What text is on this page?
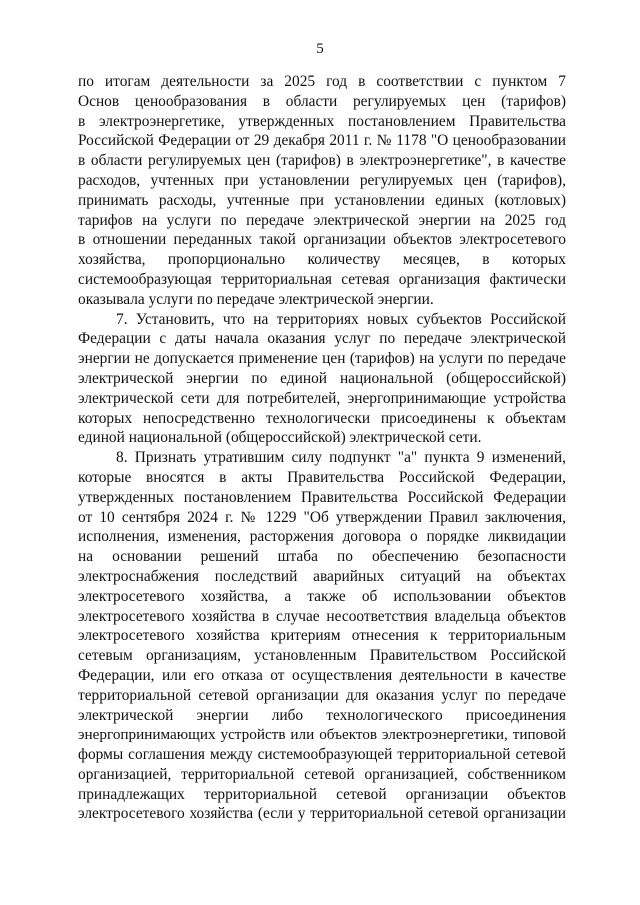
5
по итогам деятельности за 2025 год в соответствии с пунктом 7
Основ ценообразования в области регулируемых цен (тарифов)
в электроэнергетике, утвержденных постановлением Правительства
Российской Федерации от 29 декабря 2011 г. № 1178 "О ценообразовании
в области регулируемых цен (тарифов) в электроэнергетике", в качестве
расходов, учтенных при установлении регулируемых цен (тарифов),
принимать расходы, учтенные при установлении единых (котловых)
тарифов на услуги по передаче электрической энергии на 2025 год
в отношении переданных такой организации объектов электросетевого
хозяйства, пропорционально количеству месяцев, в которых
системообразующая территориальная сетевая организация фактически
оказывала услуги по передаче электрической энергии.
7. Установить, что на территориях новых субъектов Российской
Федерации с даты начала оказания услуг по передаче электрической
энергии не допускается применение цен (тарифов) на услуги по передаче
электрической энергии по единой национальной (общероссийской)
электрической сети для потребителей, энергопринимающие устройства
которых непосредственно технологически присоединены к объектам
единой национальной (общероссийской) электрической сети.
8. Признать утратившим силу подпункт "а" пункта 9 изменений,
которые вносятся в акты Правительства Российской Федерации,
утвержденных постановлением Правительства Российской Федерации
от 10 сентября 2024 г. № 1229 "Об утверждении Правил заключения,
исполнения, изменения, расторжения договора о порядке ликвидации
на основании решений штаба по обеспечению безопасности
электроснабжения последствий аварийных ситуаций на объектах
электросетевого хозяйства, а также об использовании объектов
электросетевого хозяйства в случае несоответствия владельца объектов
электросетевого хозяйства критериям отнесения к территориальным
сетевым организациям, установленным Правительством Российской
Федерации, или его отказа от осуществления деятельности в качестве
территориальной сетевой организации для оказания услуг по передаче
электрической энергии либо технологического присоединения
энергопринимающих устройств или объектов электроэнергетики, типовой
формы соглашения между системообразующей территориальной сетевой
организацией, территориальной сетевой организацией, собственником
принадлежащих территориальной сетевой организации объектов
электросетевого хозяйства (если у территориальной сетевой организации
